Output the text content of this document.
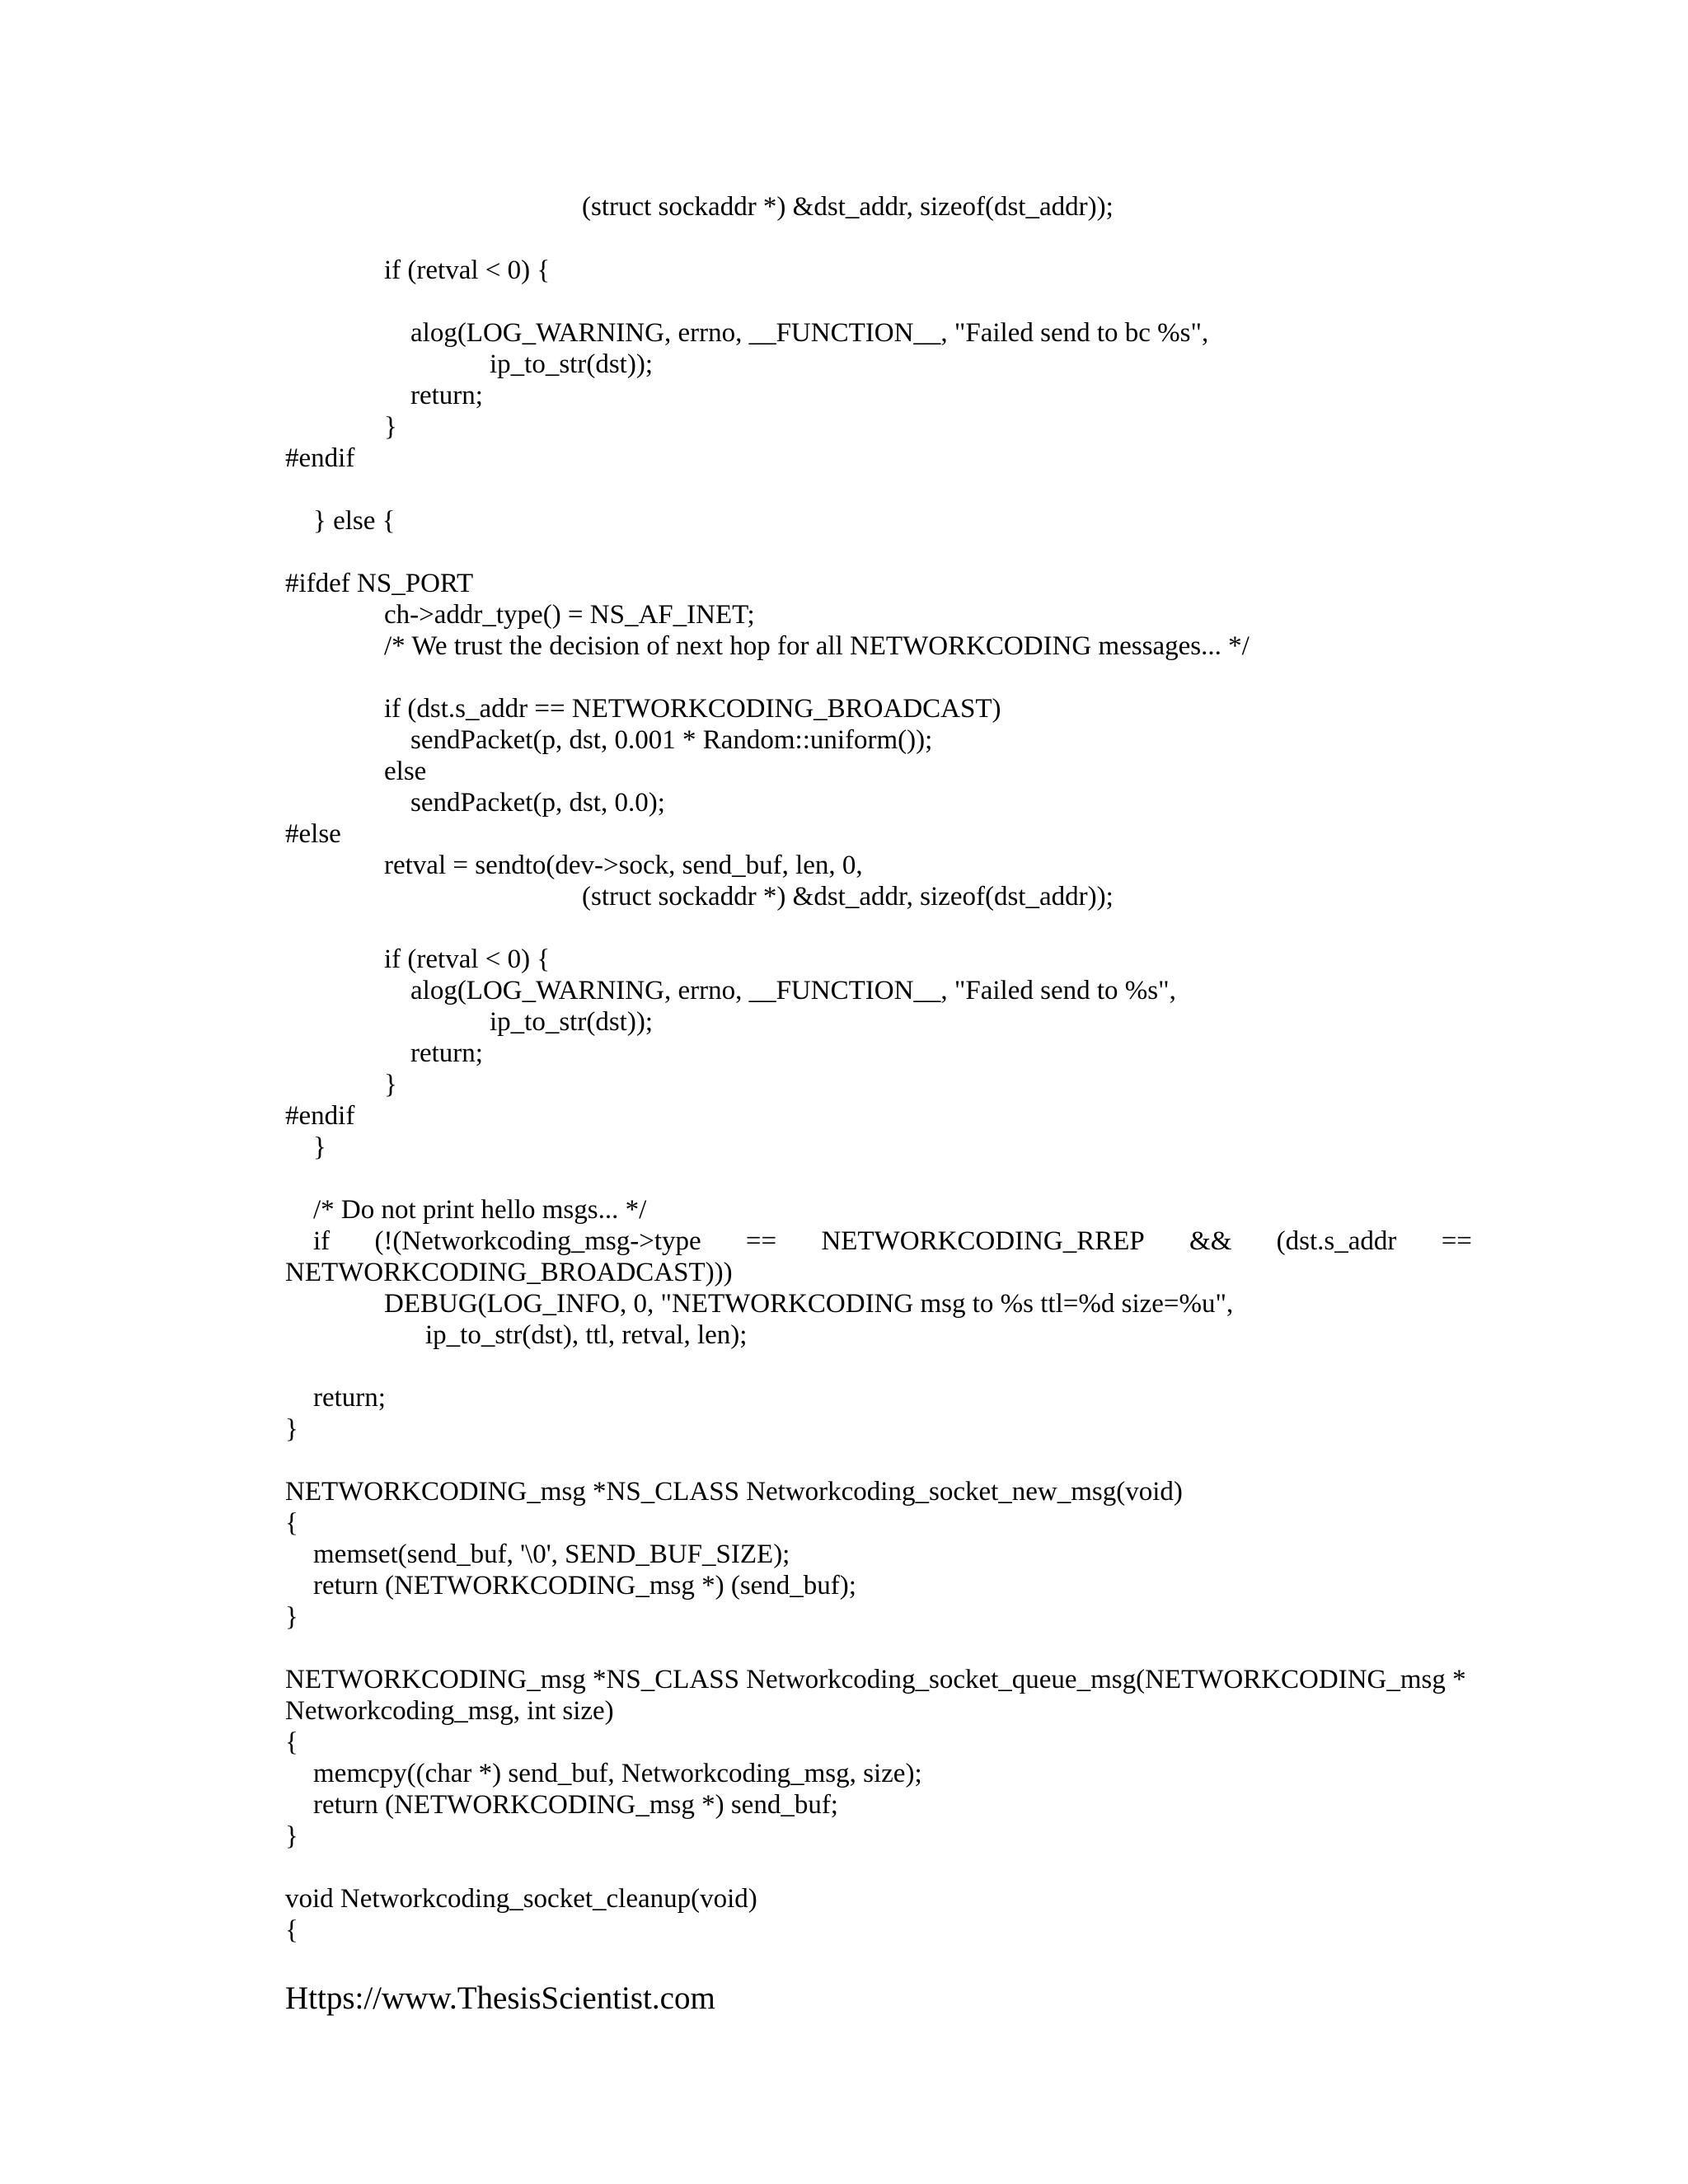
(struct sockaddr *) &dst_addr, sizeof(dst_addr));
if (retval < 0) {
alog(LOG_WARNING, errno, __FUNCTION__, "Failed send to bc %s",
ip_to_str(dst));
return;
}
#endif
} else {
#ifdef NS_PORT
ch->addr_type() = NS_AF_INET;
/* We trust the decision of next hop for all NETWORKCODING messages... */
if (dst.s_addr == NETWORKCODING_BROADCAST)
sendPacket(p, dst, 0.001 * Random::uniform());
else
sendPacket(p, dst, 0.0);
#else
retval = sendto(dev->sock, send_buf, len, 0,
(struct sockaddr *) &dst_addr, sizeof(dst_addr));
if (retval < 0) {
alog(LOG_WARNING, errno, __FUNCTION__, "Failed send to %s",
ip_to_str(dst));
return;
}
#endif
}
/* Do not print hello msgs... */
if (!(Networkcoding_msg->type == NETWORKCODING_RREP && (dst.s_addr ==
NETWORKCODING_BROADCAST)))
DEBUG(LOG_INFO, 0, "NETWORKCODING msg to %s ttl=%d size=%u",
ip_to_str(dst), ttl, retval, len);
return;
}
NETWORKCODING_msg *NS_CLASS Networkcoding_socket_new_msg(void)
{
memset(send_buf, '\0', SEND_BUF_SIZE);
return (NETWORKCODING_msg *) (send_buf);
}
NETWORKCODING_msg *NS_CLASS Networkcoding_socket_queue_msg(NETWORKCODING_msg *
Networkcoding_msg, int size)
{
memcpy((char *) send_buf, Networkcoding_msg, size);
return (NETWORKCODING_msg *) send_buf;
}
void Networkcoding_socket_cleanup(void)
{
Https://www.ThesisScientist.com
